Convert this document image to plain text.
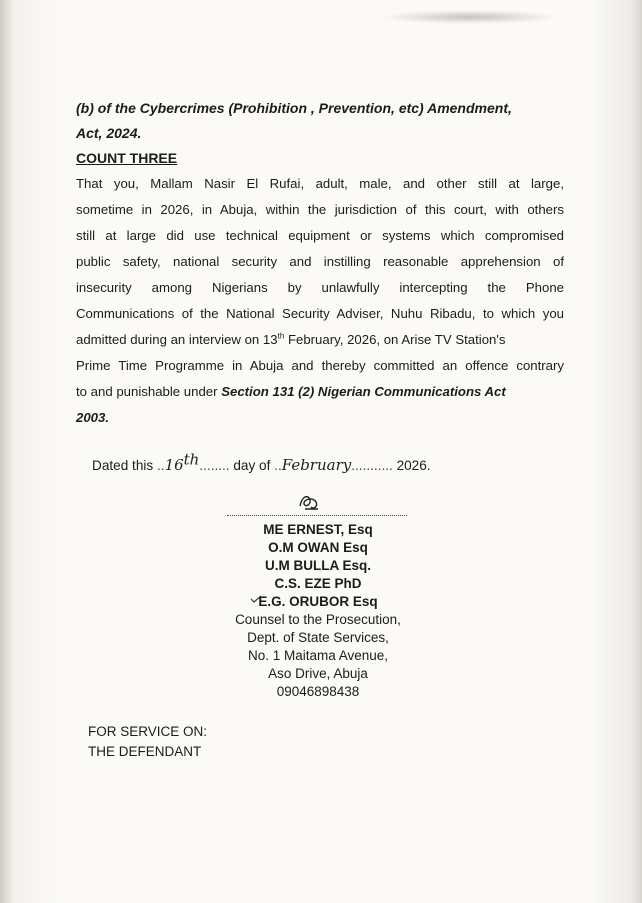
(b) of the Cybercrimes (Prohibition , Prevention, etc) Amendment,
Act, 2024.
COUNT THREE
That you, Mallam Nasir El Rufai, adult, male, and other still at large,
sometime in 2026, in Abuja, within the jurisdiction of this court, with others
still at large did use technical equipment or systems which compromised
public safety, national security and instilling reasonable apprehension of
insecurity among Nigerians by unlawfully intercepting the Phone
Communications of the National Security Adviser, Nuhu Ribadu, to which you
admitted during an interview on 13th February, 2026, on Arise TV Station's
Prime Time Programme in Abuja and thereby committed an offence contrary
to and punishable under Section 131 (2) Nigerian Communications Act
2003.
Dated this ..16th........ day of ..February........... 2026.
ME ERNEST, Esq
O.M OWAN Esq
U.M BULLA Esq.
C.S. EZE PhD
E.G. ORUBOR Esq
Counsel to the Prosecution,
Dept. of State Services,
No. 1 Maitama Avenue,
Aso Drive, Abuja
09046898438
FOR SERVICE ON:
THE DEFENDANT
